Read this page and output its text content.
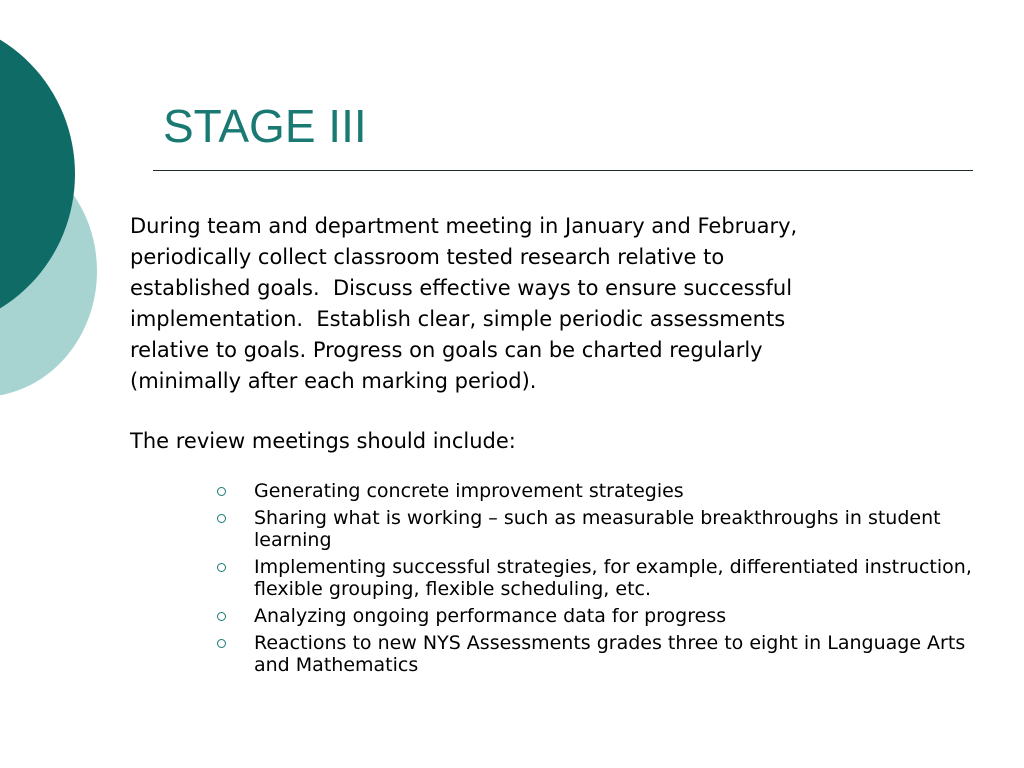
STAGE III

During team and department meeting in January and February,
periodically collect classroom tested research relative to
established goals.  Discuss effective ways to ensure successful
implementation.  Establish clear, simple periodic assessments
relative to goals. Progress on goals can be charted regularly
(minimally after each marking period).

The review meetings should include:

Generating concrete improvement strategies
Sharing what is working – such as measurable breakthroughs in student learning
Implementing successful strategies, for example, differentiated instruction, flexible grouping, flexible scheduling, etc.
Analyzing ongoing performance data for progress
Reactions to new NYS Assessments grades three to eight in Language Arts and Mathematics
